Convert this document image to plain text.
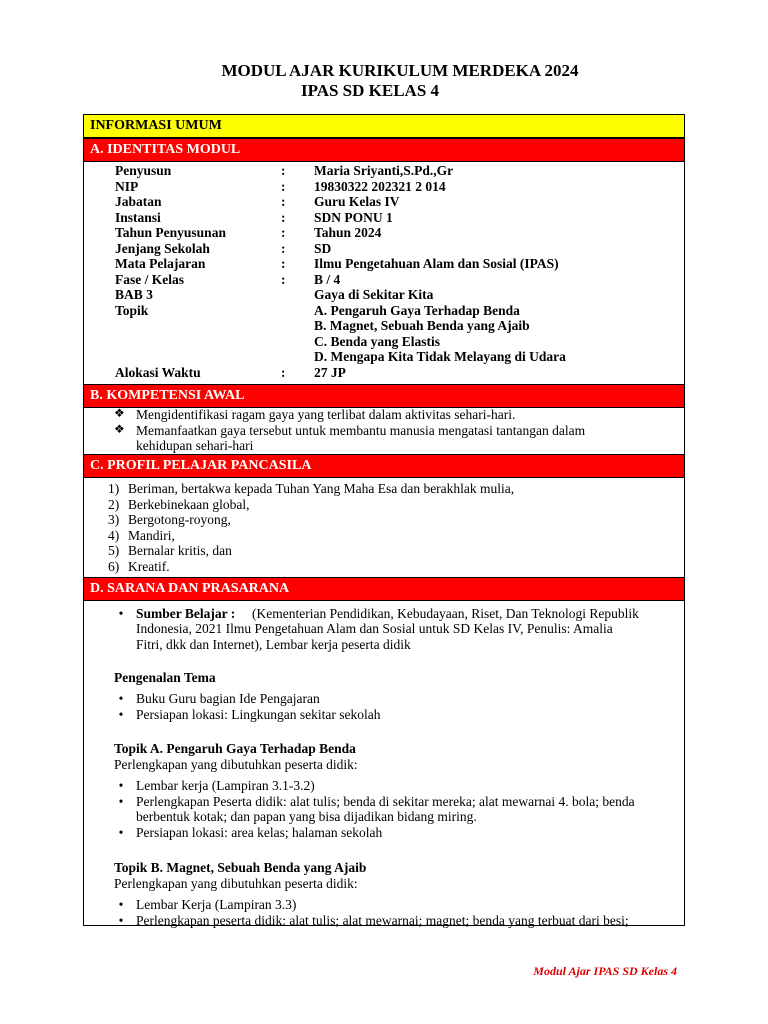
MODUL AJAR KURIKULUM MERDEKA 2024
IPAS SD KELAS 4
INFORMASI UMUM
A. IDENTITAS MODUL
Penyusun	: Maria Sriyanti,S.Pd.,Gr
NIP	: 19830322 202321 2 014
Jabatan	: Guru Kelas IV
Instansi	: SDN PONU 1
Tahun Penyusunan	: Tahun 2024
Jenjang Sekolah	: SD
Mata Pelajaran	: Ilmu Pengetahuan Alam dan Sosial (IPAS)
Fase / Kelas	: B / 4
BAB 3	Gaya di Sekitar Kita
Topik	A. Pengaruh Gaya Terhadap Benda
B. Magnet, Sebuah Benda yang Ajaib
C. Benda yang Elastis
D. Mengapa Kita Tidak Melayang di Udara
Alokasi Waktu	: 27 JP
B. KOMPETENSI AWAL
❖ Mengidentifikasi ragam gaya yang terlibat dalam aktivitas sehari-hari.
❖ Memanfaatkan gaya tersebut untuk membantu manusia mengatasi tantangan dalam
kehidupan sehari-hari
C. PROFIL PELAJAR PANCASILA
1) Beriman, bertakwa kepada Tuhan Yang Maha Esa dan berakhlak mulia,
2) Berkebinekaan global,
3) Bergotong-royong,
4) Mandiri,
5) Bernalar kritis, dan
6) Kreatif.
D. SARANA DAN PRASARANA
• Sumber Belajar : (Kementerian Pendidikan, Kebudayaan, Riset, Dan Teknologi Republik
Indonesia, 2021 Ilmu Pengetahuan Alam dan Sosial untuk SD Kelas IV, Penulis: Amalia
Fitri, dkk dan Internet), Lembar kerja peserta didik
Pengenalan Tema
• Buku Guru bagian Ide Pengajaran
• Persiapan lokasi: Lingkungan sekitar sekolah
Topik A. Pengaruh Gaya Terhadap Benda
Perlengkapan yang dibutuhkan peserta didik:
• Lembar kerja (Lampiran 3.1-3.2)
• Perlengkapan Peserta didik: alat tulis; benda di sekitar mereka; alat mewarnai 4. bola; benda
berbentuk kotak; dan papan yang bisa dijadikan bidang miring.
• Persiapan lokasi: area kelas; halaman sekolah
Topik B. Magnet, Sebuah Benda yang Ajaib
Perlengkapan yang dibutuhkan peserta didik:
• Lembar Kerja (Lampiran 3.3)
• Perlengkapan peserta didik: alat tulis; alat mewarnai; magnet; benda yang terbuat dari besi;
Modul Ajar IPAS SD Kelas 4
